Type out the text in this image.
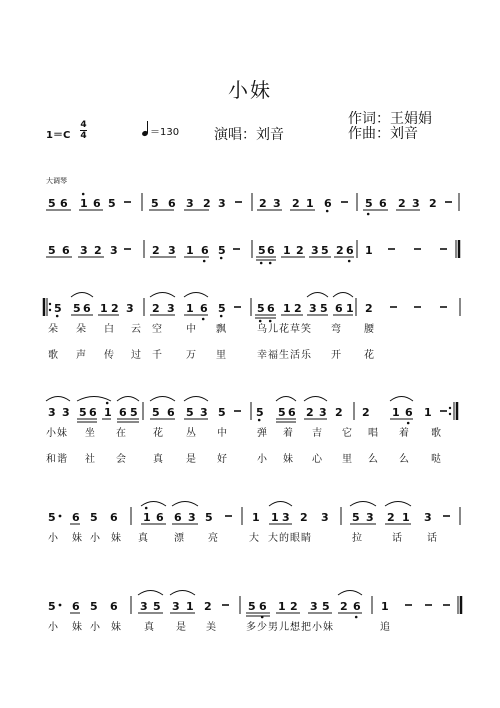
小妹
1＝C
4
4	＝130 演唱：刘音
作词：王娟娟
作曲：刘音
大调琴
5 6 1 6 5	5 6 3 2 3	2 3 2 1 6	5 6 2 3 2
5 6 3 2 3	2 3 1 6 5	5 6 1 2 3 5 2 6 1
5 5 6 1 2 3 2 3 1 6 5	5 6 1 2 3 5 6 1 2
3 3 5 6 1 6 5 5 6 5 3 5	5 5 6 2 3 2 2 1 6 1
5 6 5 6 1 6 6 3 5	1 1 3 2 3 5 3 2 1 3
5 6 5 6 3 5 3 1 2	5 6 1 2 3 5 2 6 1
朵 朵 白 云 空 中 飘	乌儿花草笑	弯 腰
歌 声 传 过 千 万 里	幸福生活乐	开 花
小妹 坐 在	花 丛 中	弹 着 吉 它 唱 着 歌
和谐 社 会	真 是 好	小 妹 心 里 么 么 哒
小 妹 小 妹 真	漂 亮	大 大的眼睛	拉	话	话
小 妹 小 妹 真 是 美	多少男儿想把小妹	追
